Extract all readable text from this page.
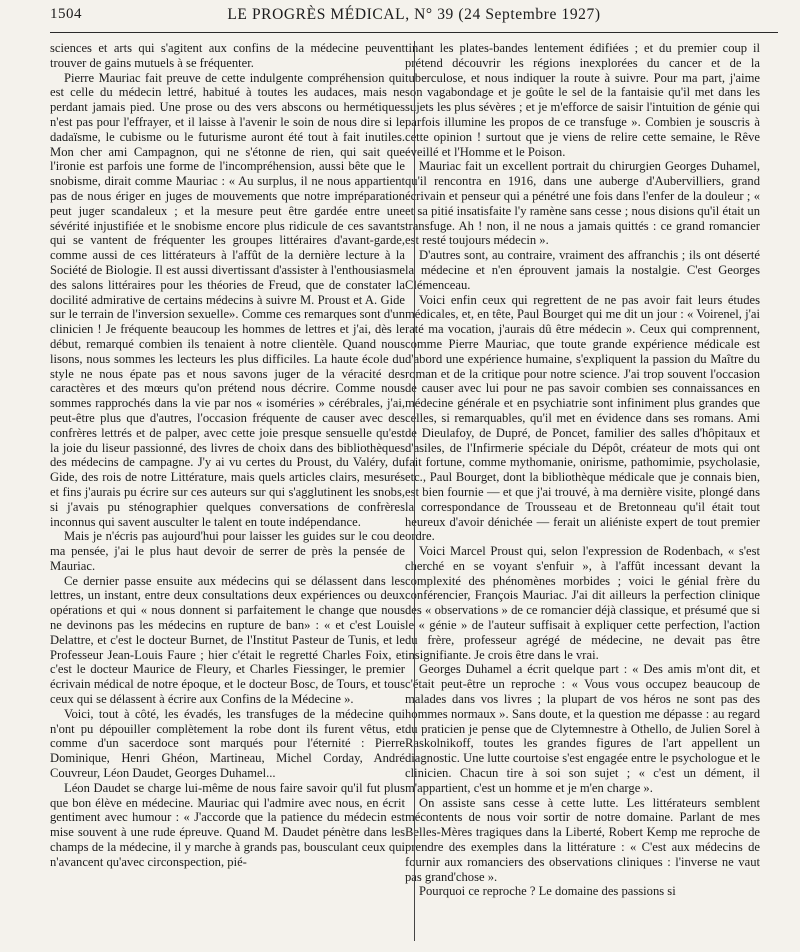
1504	LE PROGRÈS MÉDICAL, N° 39 (24 Septembre 1927)

sciences et arts qui s'agitent aux confins de la médecine peuvent trouver de gains mutuels à se fréquenter.

Pierre Mauriac fait preuve de cette indulgente compréhension qui est celle du médecin lettré, habitué à toutes les audaces, mais ne perdant jamais pied. Une prose ou des vers abscons ou hermétiques n'est pas pour l'effrayer, et il laisse à l'avenir le soin de nous dire si le dadaïsme, le cubisme ou le futurisme auront été tout à fait inutiles. Mon cher ami Campagnon, qui ne s'étonne de rien, qui sait que l'ironie est parfois une forme de l'incompréhension, aussi bête que le snobisme, dirait comme Mauriac : « Au surplus, il ne nous appartient pas de nous ériger en juges de mouvements que notre impréparation peut juger scandaleux ; et la mesure peut être gardée entre une sévérité injustifiée et le snobisme encore plus ridicule de ces savants qui se vantent de fréquenter les groupes littéraires d'avant-garde, comme aussi de ces littérateurs à l'affût de la dernière lecture à la Société de Biologie. Il est aussi divertissant d'assister à l'enthousiasme des salons littéraires pour les théories de Freud, que de constater la docilité admirative de certains médecins à suivre M. Proust et A. Gide sur le terrain de l'inversion sexuelle». Comme ces remarques sont d'un clinicien ! Je fréquente beaucoup les hommes de lettres et j'ai, dès le début, remarqué combien ils tenaient à notre clientèle. Quand nous lisons, nous sommes les lecteurs les plus difficiles. La haute école du style ne nous épate pas et nous savons juger de la véracité des caractères et des mœurs qu'on prétend nous décrire. Comme nous sommes rapprochés dans la vie par nos « isoméries » cérébrales, j'ai, peut-être plus que d'autres, l'occasion fréquente de causer avec des confrères lettrés et de palper, avec cette joie presque sensuelle qu'est la joie du liseur passionné, des livres de choix dans des bibliothèques des médecins de campagne. J'y ai vu certes du Proust, du Valéry, du Gide, des rois de notre Littérature, mais quels articles clairs, mesurés et fins j'aurais pu écrire sur ces auteurs sur qui s'agglutinent les snobs, si j'avais pu sténographier quelques conversations de confrères inconnus qui savent ausculter le talent en toute indépendance.

Mais je n'écris pas aujourd'hui pour laisser les guides sur le cou de ma pensée, j'ai le plus haut devoir de serrer de près la pensée de Mauriac.

Ce dernier passe ensuite aux médecins qui se délassent dans les lettres, un instant, entre deux consultations deux expériences ou deux opérations et qui « nous donnent si parfaitement le change que nous ne devinons pas les médecins en rupture de ban» : « et c'est Louis Delattre, et c'est le docteur Burnet, de l'Institut Pasteur de Tunis, et le Professeur Jean-Louis Faure ; hier c'était le regretté Charles Foix, et c'est le docteur Maurice de Fleury, et Charles Fiessinger, le premier écrivain médical de notre époque, et le docteur Bosc, de Tours, et tous ceux qui se délassent à écrire aux Confins de la Médecine ».

Voici, tout à côté, les évadés, les transfuges de la médecine qui n'ont pu dépouiller complètement la robe dont ils furent vêtus, et comme d'un sacerdoce sont marqués pour l'éternité : Pierre Dominique, Henri Ghéon, Martineau, Michel Corday, André Couvreur, Léon Daudet, Georges Duhamel...

Léon Daudet se charge lui-même de nous faire savoir qu'il fut plus que bon élève en médecine. Mauriac qui l'admire avec nous, en écrit gentiment avec humour : « J'accorde que la patience du médecin est mise souvent à une rude épreuve. Quand M. Daudet pénètre dans les champs de la médecine, il y marche à grands pas, bousculant ceux qui n'avancent qu'avec circonspection, pié-

tinant les plates-bandes lentement édifiées ; et du premier coup il prétend découvrir les régions inexplorées du cancer et de la tuberculose, et nous indiquer la route à suivre. Pour ma part, j'aime son vagabondage et je goûte le sel de la fantaisie qu'il met dans les sujets les plus sévères ; et je m'efforce de saisir l'intuition de génie qui parfois illumine les propos de ce transfuge ». Combien je souscris à cette opinion ! surtout que je viens de relire cette semaine, le Rêve éveillé et l'Homme et le Poison.

Mauriac fait un excellent portrait du chirurgien Georges Duhamel, qu'il rencontra en 1916, dans une auberge d'Aubervilliers, grand écrivain et penseur qui a pénétré une fois dans l'enfer de la douleur ; « et sa pitié insatisfaite l'y ramène sans cesse ; nous disions qu'il était un transfuge. Ah ! non, il ne nous a jamais quittés : ce grand romancier est resté toujours médecin ».

D'autres sont, au contraire, vraiment des affranchis ; ils ont déserté la médecine et n'en éprouvent jamais la nostalgie. C'est Georges Clémenceau.

Voici enfin ceux qui regrettent de ne pas avoir fait leurs études médicales, et, en tête, Paul Bourget qui me dit un jour : « Voirenel, j'ai raté ma vocation, j'aurais dû être médecin ». Ceux qui comprennent, comme Pierre Mauriac, que toute grande expérience médicale est d'abord une expérience humaine, s'expliquent la passion du Maître du roman et de la critique pour notre science. J'ai trop souvent l'occasion de causer avec lui pour ne pas savoir combien ses connaissances en médecine générale et en psychiatrie sont infiniment plus grandes que celles, si remarquables, qu'il met en évidence dans ses romans. Ami de Dieulafoy, de Dupré, de Poncet, familier des salles d'hôpitaux et d'asiles, de l'Infirmerie spéciale du Dépôt, créateur de mots qui ont fait fortune, comme mythomanie, onirisme, pathomimie, psycholasie, etc., Paul Bourget, dont la bibliothèque médicale que je connais bien, est bien fournie — et que j'ai trouvé, à ma dernière visite, plongé dans la correspondance de Trousseau et de Bretonneau qu'il était tout heureux d'avoir dénichée — ferait un aliéniste expert de tout premier ordre.

Voici Marcel Proust qui, selon l'expression de Rodenbach, « s'est cherché en se voyant s'enfuir », à l'affût incessant devant la complexité des phénomènes morbides ; voici le génial frère du conférencier, François Mauriac. J'ai dit ailleurs la perfection clinique des « observations » de ce romancier déjà classique, et présumé que si le « génie » de l'auteur suffisait à expliquer cette perfection, l'action du frère, professeur agrégé de médecine, ne devait pas être insignifiante. Je crois être dans le vrai.

Georges Duhamel a écrit quelque part : « Des amis m'ont dit, et c'était peut-être un reproche : « Vous vous occupez beaucoup de malades dans vos livres ; la plupart de vos héros ne sont pas des hommes normaux ». Sans doute, et la question me dépasse : au regard du praticien je pense que de Clytemnestre à Othello, de Julien Sorel à Raskolnikoff, toutes les grandes figures de l'art appellent un diagnostic. Une lutte courtoise s'est engagée entre le psychologue et le clinicien. Chacun tire à soi son sujet ; « c'est un dément, il m'appartient, c'est un homme et je m'en charge ».

On assiste sans cesse à cette lutte. Les littérateurs semblent mécontents de nous voir sortir de notre domaine. Parlant de mes Belles-Mères tragiques dans la Liberté, Robert Kemp me reproche de prendre des exemples dans la littérature : « C'est aux médecins de fournir aux romanciers des observations cliniques : l'inverse ne vaut pas grand'chose ».

Pourquoi ce reproche ? Le domaine des passions si
